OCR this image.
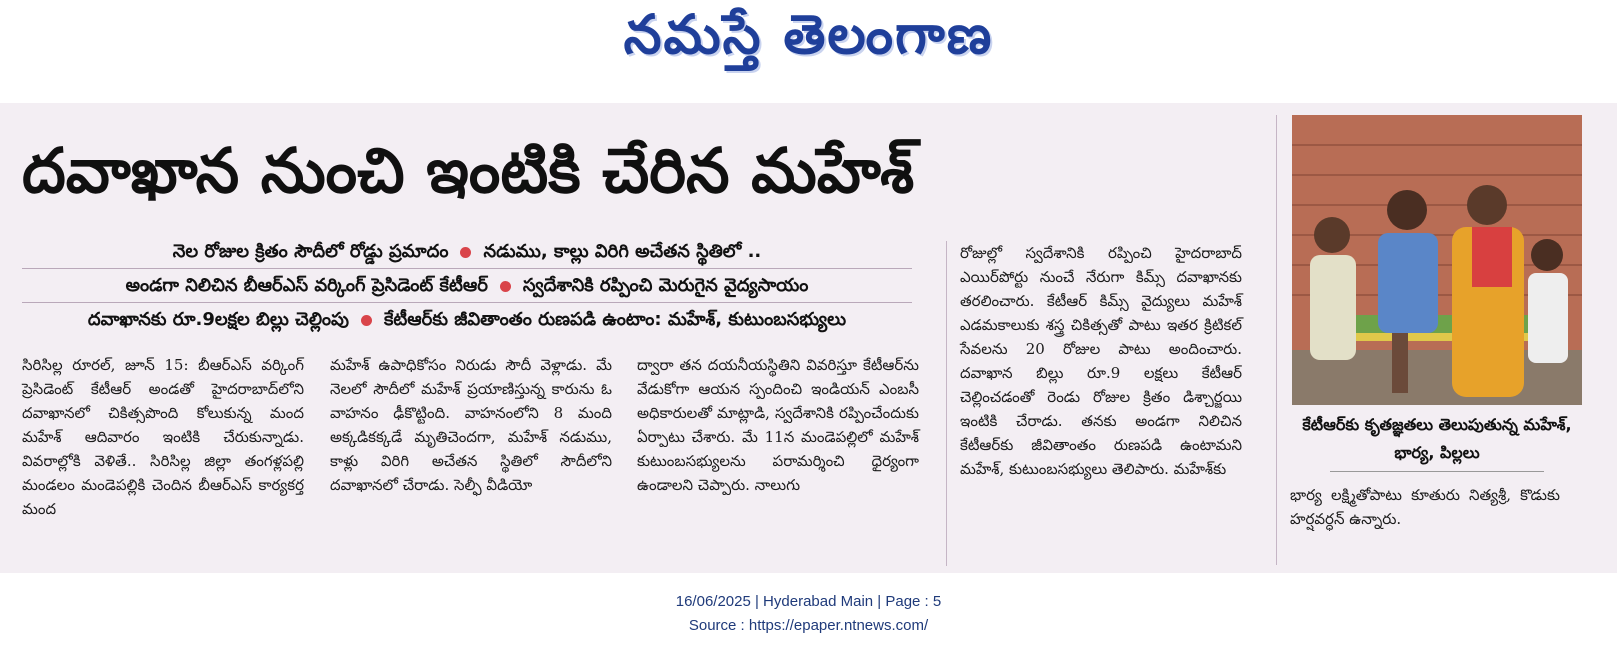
నమస్తే తెలంగాణ
దవాఖాన నుంచి ఇంటికి చేరిన మహేశ్
నెల రోజుల క్రితం సౌదీలో రోడ్డు ప్రమాదం నడుము, కాల్లు విరిగి అచేతన స్థితిలో ..
అండగా నిలిచిన బీఆర్ఎస్ వర్కింగ్ ప్రెసిడెంట్ కేటీఆర్ స్వదేశానికి రప్పించి మెరుగైన వైద్యసాయం
దవాఖానకు రూ.9లక్షల బిల్లు చెల్లింపు కేటీఆర్‌కు జీవితాంతం రుణపడి ఉంటాం: మహేశ్, కుటుంబసభ్యులు

సిరిసిల్ల రూరల్, జూన్ 15: బీఆర్ఎస్ వర్కింగ్ ప్రెసిడెంట్ కేటీఆర్ అండతో హైదరాబాద్‌లోని దవాఖానలో చికిత్సపొంది కోలుకున్న మంద మహేశ్ ఆదివారం ఇంటికి చేరుకున్నాడు. వివరాల్లోకి వెళితే.. సిరిసిల్ల జిల్లా తంగళ్లపల్లి మండలం మండెపల్లికి చెందిన బీఆర్ఎస్ కార్యకర్త మంద

మహేశ్ ఉపాధికోసం నిరుడు సౌదీ వెళ్లాడు. మే నెలలో సౌదీలో మహేశ్ ప్రయాణిస్తున్న కారును ఓ వాహనం ఢీకొట్టింది. వాహనంలోని 8 మంది అక్కడికక్కడే మృతిచెందగా, మహేశ్ నడుము, కాళ్లు విరిగి అచేతన స్థితిలో సౌదీలోని దవాఖానలో చేరాడు. సెల్ఫీ వీడియో

ద్వారా తన దయనీయస్థితిని వివరిస్తూ కేటీఆర్‌ను వేడుకోగా ఆయన స్పందించి ఇండియన్ ఎంబసీ అధికారులతో మాట్లాడి, స్వదేశానికి రప్పించేందుకు ఏర్పాటు చేశారు. మే 11న మండెపల్లిలో మహేశ్ కుటుంబసభ్యులను పరామర్శించి ధైర్యంగా ఉండాలని చెప్పారు. నాలుగు

రోజుల్లో స్వదేశానికి రప్పించి హైదరాబాద్ ఎయిర్‌పోర్టు నుంచే నేరుగా కిమ్స్ దవాఖానకు తరలించారు. కేటీఆర్ కిమ్స్ వైద్యులు మహేశ్ ఎడమకాలుకు శస్త్ర చికిత్సతో పాటు ఇతర క్రిటికల్ సేవలను 20 రోజుల పాటు అందించారు. దవాఖాన బిల్లు రూ.9 లక్షలు కేటీఆర్ చెల్లించడంతో రెండు రోజుల క్రితం డిశ్చార్జయి ఇంటికి చేరాడు. తనకు అండగా నిలిచిన కేటీఆర్‌కు జీవితాంతం రుణపడి ఉంటామని మహేశ్, కుటుంబసభ్యులు తెలిపారు. మహేశ్‌కు

కేటీఆర్‌కు కృతజ్ఞతలు తెలుపుతున్న మహేశ్, భార్య, పిల్లలు

భార్య లక్ష్మితోపాటు కూతురు నిత్యశ్రీ, కొడుకు హర్షవర్ధన్ ఉన్నారు.

16/06/2025 | Hyderabad Main | Page : 5
Source : https://epaper.ntnews.com/
